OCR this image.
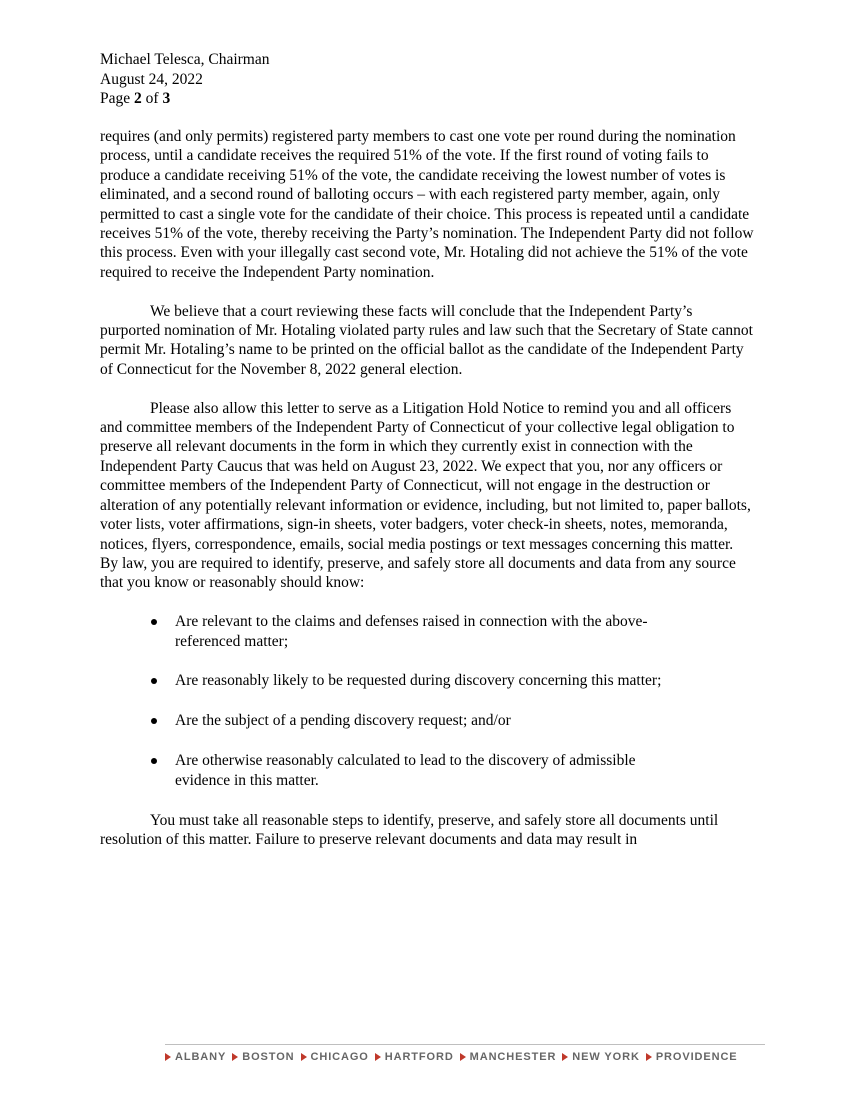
Michael Telesca, Chairman
August 24, 2022
Page 2 of 3

requires (and only permits) registered party members to cast one vote per round during the nomination process, until a candidate receives the required 51% of the vote. If the first round of voting fails to produce a candidate receiving 51% of the vote, the candidate receiving the lowest number of votes is eliminated, and a second round of balloting occurs – with each registered party member, again, only permitted to cast a single vote for the candidate of their choice. This process is repeated until a candidate receives 51% of the vote, thereby receiving the Party’s nomination. The Independent Party did not follow this process. Even with your illegally cast second vote, Mr. Hotaling did not achieve the 51% of the vote required to receive the Independent Party nomination.

We believe that a court reviewing these facts will conclude that the Independent Party’s purported nomination of Mr. Hotaling violated party rules and law such that the Secretary of State cannot permit Mr. Hotaling’s name to be printed on the official ballot as the candidate of the Independent Party of Connecticut for the November 8, 2022 general election.

Please also allow this letter to serve as a Litigation Hold Notice to remind you and all officers and committee members of the Independent Party of Connecticut of your collective legal obligation to preserve all relevant documents in the form in which they currently exist in connection with the Independent Party Caucus that was held on August 23, 2022. We expect that you, nor any officers or committee members of the Independent Party of Connecticut, will not engage in the destruction or alteration of any potentially relevant information or evidence, including, but not limited to, paper ballots, voter lists, voter affirmations, sign-in sheets, voter badgers, voter check-in sheets, notes, memoranda, notices, flyers, correspondence, emails, social media postings or text messages concerning this matter. By law, you are required to identify, preserve, and safely store all documents and data from any source that you know or reasonably should know:

Are relevant to the claims and defenses raised in connection with the above-referenced matter;
Are reasonably likely to be requested during discovery concerning this matter;
Are the subject of a pending discovery request; and/or
Are otherwise reasonably calculated to lead to the discovery of admissible evidence in this matter.

You must take all reasonable steps to identify, preserve, and safely store all documents until resolution of this matter. Failure to preserve relevant documents and data may result in

ALBANY BOSTON CHICAGO HARTFORD MANCHESTER NEW YORK PROVIDENCE
